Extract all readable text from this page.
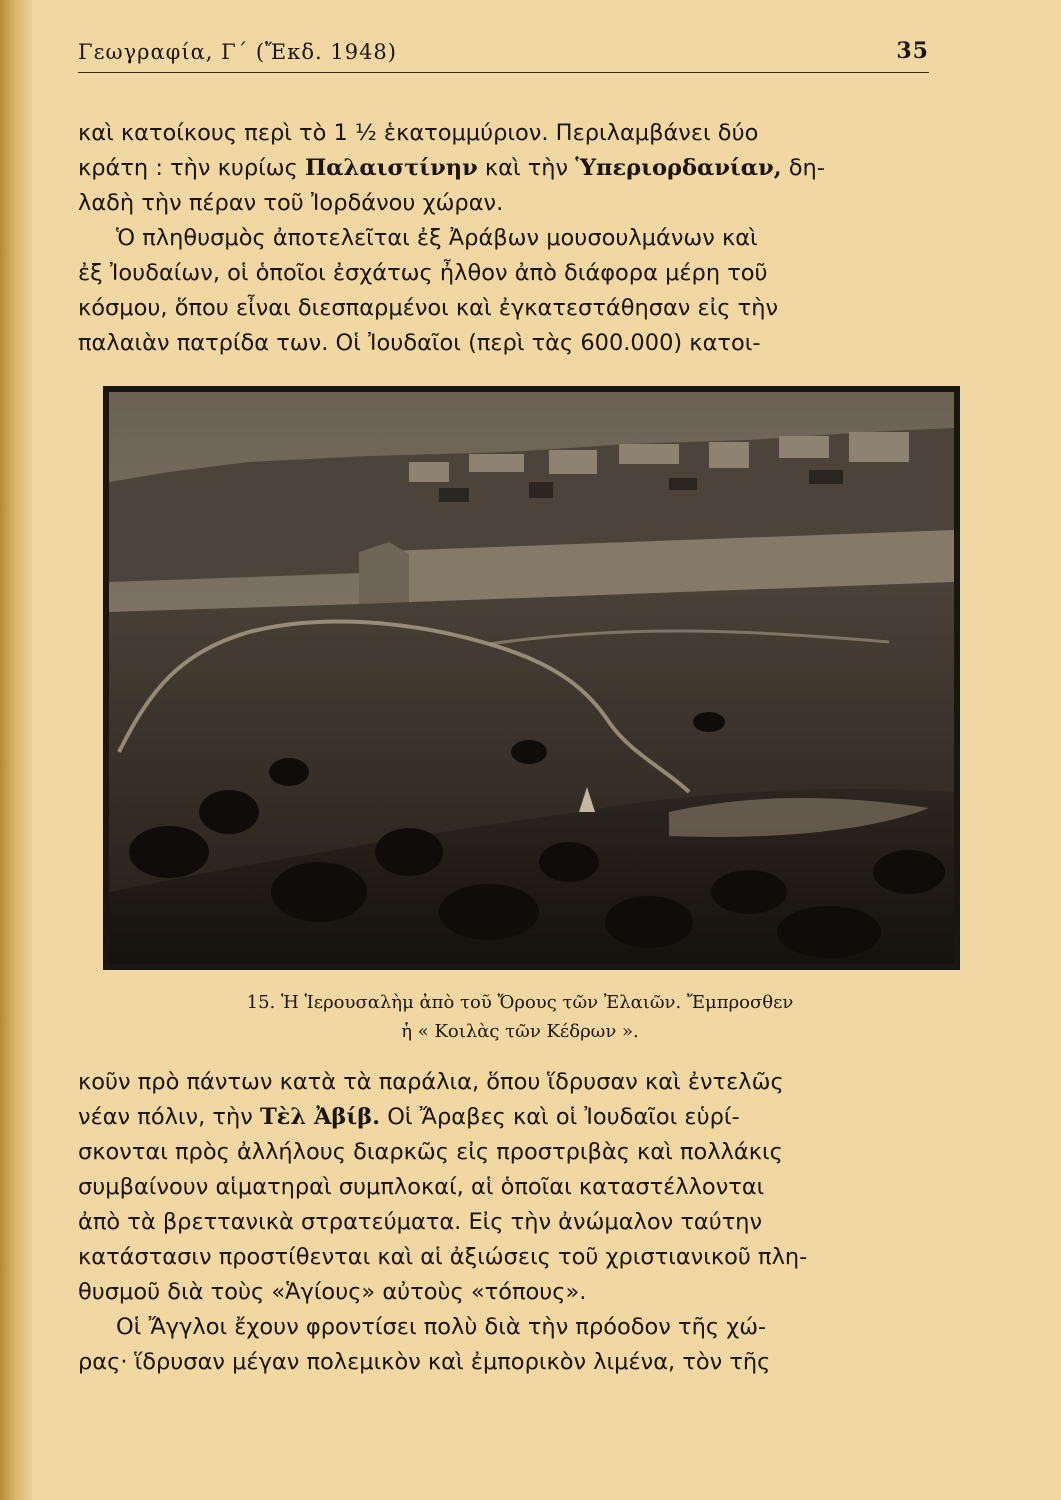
Γεωγραφία, Γ΄ (Ἔκδ. 1948)	35
καὶ κατοίκους περὶ τὸ 1 ½ ἑκατομμύριον. Περιλαμβάνει δύο
κράτη : τὴν κυρίως Παλαιστίνην καὶ τὴν Ὑπεριορδανίαν, δη-
λαδὴ τὴν πέραν τοῦ Ἰορδάνου χώραν.
Ὁ πληθυσμὸς ἀποτελεῖται ἐξ Ἀράβων μουσουλμάνων καὶ
ἐξ Ἰουδαίων, οἱ ὁποῖοι ἐσχάτως ἦλθον ἀπὸ διάφορα μέρη τοῦ
κόσμου, ὅπου εἶναι διεσπαρμένοι καὶ ἐγκατεστάθησαν εἰς τὴν
παλαιὰν πατρίδα των. Οἱ Ἰουδαῖοι (περὶ τὰς 600.000) κατοι-
15. Ἡ Ἱερουσαλὴμ ἀπὸ τοῦ Ὄρους τῶν Ἐλαιῶν. Ἔμπροσθεν
ἡ « Κοιλὰς τῶν Κέδρων ».
κοῦν πρὸ πάντων κατὰ τὰ παράλια, ὅπου ἵδρυσαν καὶ ἐντελῶς
νέαν πόλιν, τὴν Τὲλ Ἀβίβ. Οἱ Ἄραβες καὶ οἱ Ἰουδαῖοι εὑρί-
σκονται πρὸς ἀλλήλους διαρκῶς εἰς προστριβὰς καὶ πολλάκις
συμβαίνουν αἱματηραὶ συμπλοκαί, αἱ ὁποῖαι καταστέλλονται
ἀπὸ τὰ βρεττανικὰ στρατεύματα. Εἰς τὴν ἀνώμαλον ταύτην
κατάστασιν προστίθενται καὶ αἱ ἀξιώσεις τοῦ χριστιανικοῦ πλη-
θυσμοῦ διὰ τοὺς «Ἁγίους» αὐτοὺς «τόπους».
Οἱ Ἄγγλοι ἔχουν φροντίσει πολὺ διὰ τὴν πρόοδον τῆς χώ-
ρας· ἵδρυσαν μέγαν πολεμικὸν καὶ ἐμπορικὸν λιμένα, τὸν τῆς
